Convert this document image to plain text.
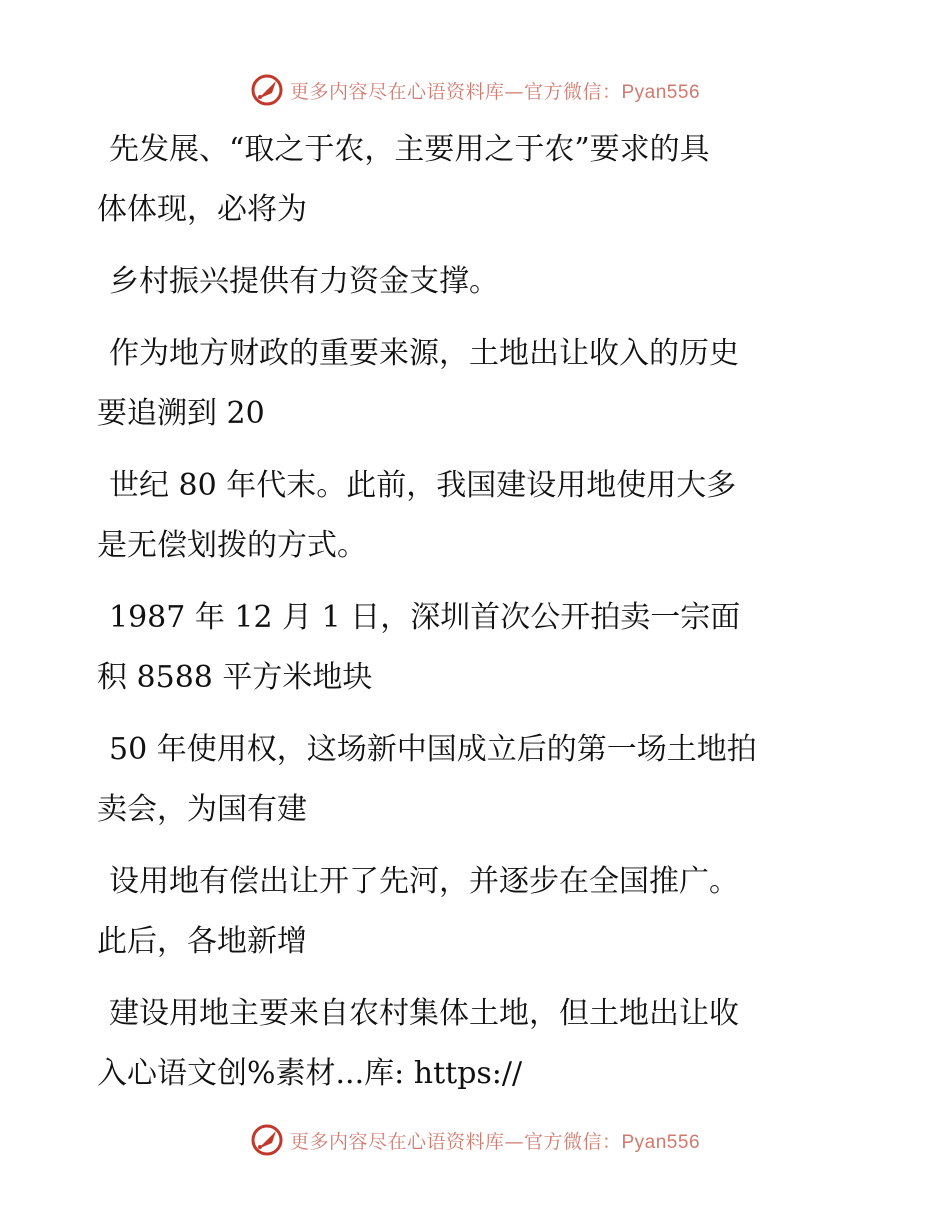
更多内容尽在心语资料库—官方微信：Pyan556

先发展、“取之于农，主要用之于农”要求的具
体体现，必将为

乡村振兴提供有力资金支撑。

作为地方财政的重要来源，土地出让收入的历史
要追溯到 20

世纪 80 年代末。此前，我国建设用地使用大多
是无偿划拨的方式。

1987 年 12 月 1 日，深圳首次公开拍卖一宗面
积 8588 平方米地块

50 年使用权，这场新中国成立后的第一场土地拍
卖会，为国有建

设用地有偿出让开了先河，并逐步在全国推广。
此后，各地新增

建设用地主要来自农村集体土地，但土地出让收
入心语文创%素材...库: https://

更多内容尽在心语资料库—官方微信：Pyan556
